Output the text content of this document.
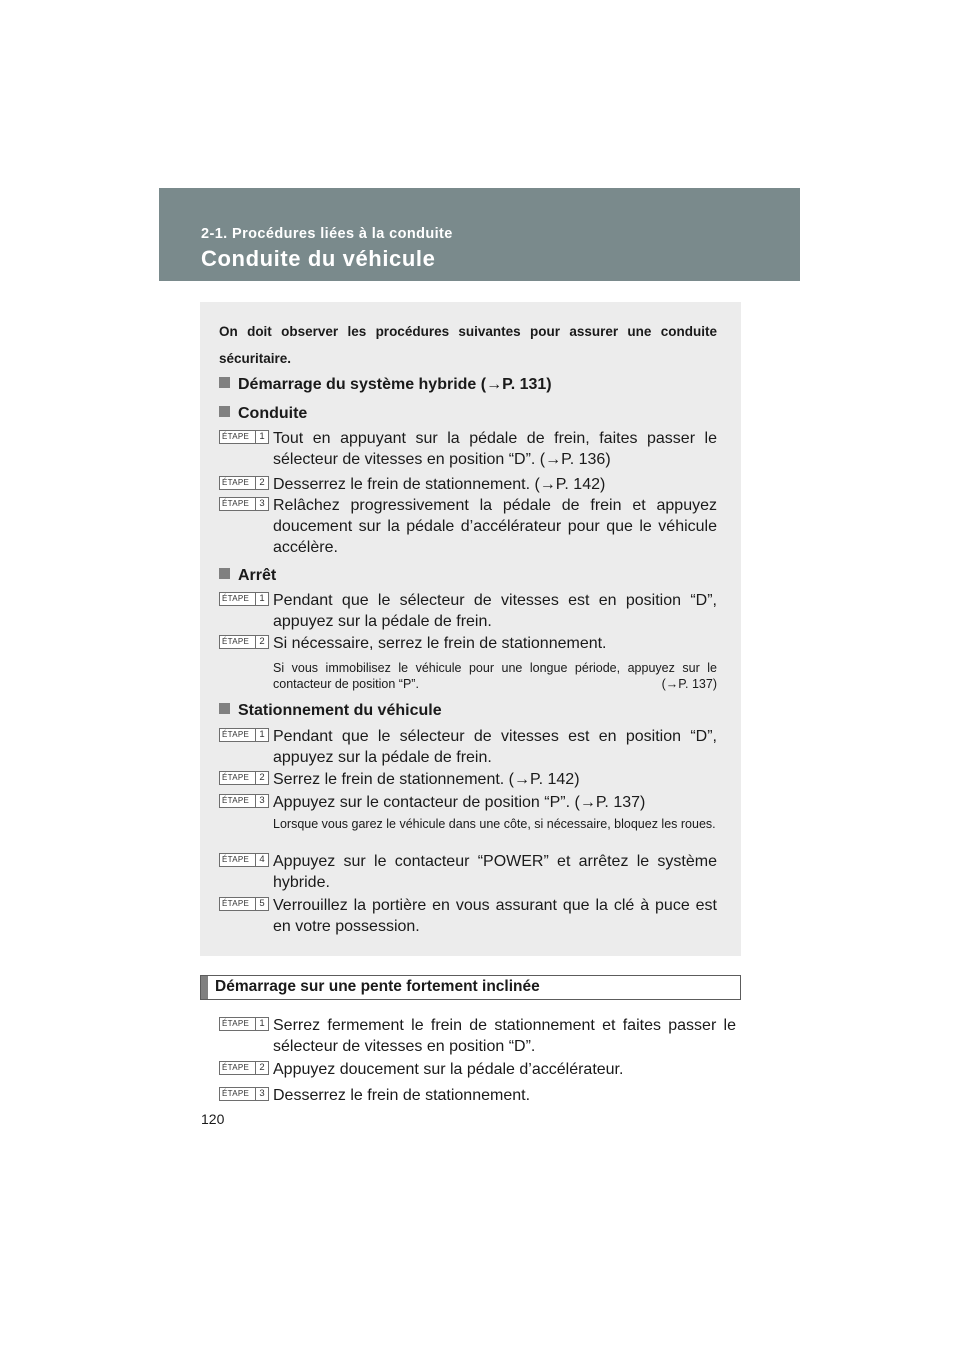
2-1. Procédures liées à la conduite
Conduite du véhicule
On doit observer les procédures suivantes pour assurer une conduite sécuritaire.
Démarrage du système hybride (→P. 131)
Conduite
ÉTAPE	1 Tout en appuyant sur la pédale de frein, faites passer le sélecteur de vitesses en position “D”. (→P. 136)
ÉTAPE	2 Desserrez le frein de stationnement. (→P. 142)
ÉTAPE	3 Relâchez progressivement la pédale de frein et appuyez doucement sur la pédale d’accélérateur pour que le véhicule accélère.
Arrêt
ÉTAPE	1 Pendant que le sélecteur de vitesses est en position “D”, appuyez sur la pédale de frein.
ÉTAPE	2 Si nécessaire, serrez le frein de stationnement.
Si vous immobilisez le véhicule pour une longue période, appuyez sur le contacteur de position “P”.	(→P. 137)
Stationnement du véhicule
ÉTAPE	1 Pendant que le sélecteur de vitesses est en position “D”, appuyez sur la pédale de frein.
ÉTAPE	2 Serrez le frein de stationnement. (→P. 142)
ÉTAPE	3 Appuyez sur le contacteur de position “P”. (→P. 137)
Lorsque vous garez le véhicule dans une côte, si nécessaire, bloquez les roues.
ÉTAPE	4 Appuyez sur le contacteur “POWER” et arrêtez le système hybride.
ÉTAPE	5 Verrouillez la portière en vous assurant que la clé à puce est en votre possession.
Démarrage sur une pente fortement inclinée
ÉTAPE	1 Serrez fermement le frein de stationnement et faites passer le sélecteur de vitesses en position “D”.
ÉTAPE	2 Appuyez doucement sur la pédale d’accélérateur.
ÉTAPE	3 Desserrez le frein de stationnement.
120
